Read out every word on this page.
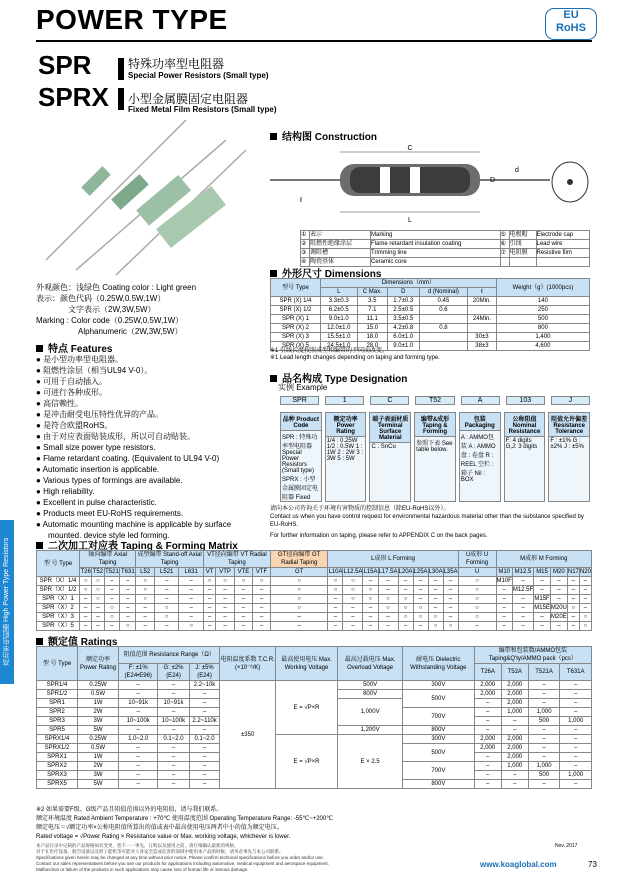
POWER TYPE	EU
RoHS
SPR	特殊功率型电阻器
Special Power Resistors (Small type)
SPRX 小型金属膜固定电阻器
Fixed Metal Film Resistors (Small type)
高功率电阻器 High Power Type Resistors
结构图 Construction
C
L
ℓ
d
D
①	表示	Marking	⑤	电极帽	Electrode cap
②	阻燃性绝缘涂层	Flame retardant insulation coating	⑥	引线	Lead wire
③	调阻槽	Trimming line	⑦	电阻膜	Resistive film
④	陶瓷基体	Ceramic core			
外观颜色：浅绿色 Coating color : Light green
表示：颜色代码（0.25W,0.5W,1W）
文字表示（2W,3W,5W）
Marking : Color code（0.25W,0.5W,1W）
Alphanumeric（2W,3W,5W）
特点 Features
● 是小型功率型电阻器。
● 阻燃性涂层（相当UL94 V-0）。
● 可用于自动插入。
● 可进行各种成形。
● 高信赖性。
● 是冲击耐受电压特性优异的产品。
● 是符合欧盟RoHS。
● 由于对应表面贴装成形，所以可自动贴装。
● Small size power type resistors.
● Flame retardant coating. (Equivalent to UL94 V-0)
● Automatic insertion is applicable.
● Various types of formings are available.
● High reliability.
● Excellent in pulse characteristic.
● Products meet EU-RoHS requirements.
● Automatic mounting machine is applicable by surface
mounted. device style led forming.
外形尺寸 Dimensions
型号 Type	Dimensions（mm）					Weight（g）(1000pcs)
	L	C Max.	D	d (Nominal)	ℓ	
SPR (X) 1/4	3.3±0.3	3.5	1.7±0.3	0.45	20Min.	140
SPR (X) 1/2	6.2±0.5	7.1	2.5±0.5	0.6		250
SPR (X) 1	9.0±1.0	11.1	3.5±0.5		24Min.	500
SPR (X) 2	12.0±1.0	15.0	4.2±0.8	0.8		800
SPR (X) 3	15.5±1.0	18.0	6.0±1.0		30±3	1,400
SPR (X) 5	24.5±1.0	28.0	9.0±1.0		38±3	4,600
※1 引线长度按照成型和编带的不同而改变。
※1 Lead length changes depending on taping and forming type.
品名构成 Type Designation
实例 Example
SPR	1	C	T52	A	103	J
品种 Product Code
SPR : 特殊功率型电阻器 Special Power Resistors (Small type) SPRX : 小型金属膜固定电阻器 Fixed
额定功率 Power Rating
1/4 : 0.25W 1/2 : 0.5W 1 : 1W 2 : 2W 3 : 3W 5 : 5W
端子表面材质 Terminal Surface Material
C : SnCu
编带&成形 Taping & Forming
参照下表 See table below.
包装 Packaging
A : AMMO包装 A : AMMO 盘 : 卷盘 R : REEL 空栏 : 箱子 Nil : BOX
公称阻值 Nominal Resistance
F: 4 digits G,J: 3 digits
阻值允许偏差 Resistance Tolerance
F : ±1% G : ±2% J : ±5%
请向本公司咨询关于环境有害物质的控制信息（除EU-RoHS以外）。
Contact us when you have control request for environmental hazardous material other than the substance specified by EU-RoHS.
For further information on taping, please refer to APPENDIX C on the back pages.
二次加工对应表 Taping & Forming Matrix
型 号 Type	轴向编带 Axial Taping				成型编带 Stand-off Axial Taping			VT径向编带 VT Radial Taping				GT径向编带 GT Radial Taping	L成形 L Forming								U成形 U Forming	M成形 M Forming					
	T26	T52	T521	T631	L52	L521	L631	VT	VTP	VTE	VTF	GT	L10A	L12.5A	L15A	L17.5A	L20A	L25A	L30A	L35A	U	M10	M12.5	M15	M20	N17	N20
SPR（X）1/4	○	○	–	–	○	–	–	○	○	○	○	○	○	○	–	–	–	–	–	–	○	M10F	–	–	–	–	–
SPR（X）1/2	○	○	–	–	○	–	–	–	–	–	–	○	○	○	○	–	–	–	–	–	○	–	M12.5F	–	–	–	–
SPR（X）1	–	○	–	–	○	–	–	–	–	–	–	○	–	○	○	○	○	–	–	–	○	–	–	M15F	–	–	–
SPR（X）2	–	–	○	–	–	○	–	–	–	–	–	○	–	–	–	○	○	○	–	–	○	–	–	M15E	M20U	○	–
SPR（X）3	–	–	○	–	–	○	–	–	–	–	–	–	–	–	–	–	○	○	○	–	○	–	–	–	M20E	–	○
SPR（X）5	–	–	–	○	–	–	○	–	–	–	–	–	–	–	–	–	–	–	○	○	–	–	–	–	–	–	○
额定值 Ratings
型 号 Type	额定功率 Power Rating	阻值范围 Resistance Range（Ω）			电阻温度系数 T.C.R.(×10⁻⁶/K)	最高使用电压 Max. Working Voltage	最高过载电压 Max. Overload Voltage	耐电压 Dielectric Withstanding Voltage	编带和包装数/AMMO包装 Taping&Q'ty/AMMO pack（pcs）			
		F: ±1% (E24•E96)	G: ±2% (E24)	J: ±5% (E24)					T26A	T52A	T521A	T631A
SPR1/4	0.25W	–	–	2.2~10k	±350	E = √P×R	500V	300V	2,000	2,000	–	–
SPR1/2	0.5W	–	–	–			800V	500V	2,000	2,000	–	–
SPR1	1W	10~91k	10~91k	–			1,000V		–	2,000	–	–
SPR2	2W	–	–	–				700V	–	1,000	1,000	–
SPR3	3W	10~100k	10~100k	2.2~110k					–	–	500	1,000
SPR5	5W	–	–	–			1,200V	800V	–	–	–	–
SPRX1/4	0.25W	1.0~2.0	0.1~2.0	0.1~2.0		E = √P×R	E × 2.5	300V	2,000	2,000	–	–
SPRX1/2	0.5W	–	–	–				500V	2,000	2,000	–	–
SPRX1	1W	–	–	–					–	2,000	–	–
SPRX2	2W	–	–	–				700V	–	1,000	1,000	–
SPRX3	3W	–	–	–					–	–	500	1,000
SPRX5	5W	–	–	–				800V	–	–	–	–
※2 如果需要F级、G级产品且阻值范围以外的电阻值，请与我们联系。
额定环境温度 Rated Ambient Temperature : +70℃ 使用温度范围 Operating Temperature Range: -55℃~+200℃
额定电压＝√额定功率×公称电阻值所算出的值或表中最高使用电压两者中小的值为额定电压。
Rated voltage = √Power Rating × Resistance value or Max. working voltage, whichever is lower.
本产品目录中记载的产品规格如有变更，恕不一一事先，订购以及使用之前，请仔细确认最新的规格。
对于在医疗设备、航空设备以及原子能机等可能对人身安全造成危害的领域中使用本产品的时候，请务必事先与本公司联系。
Specifications given herein may be changed at any time without prior notice. Please confirm technical specifications before you order and/or use.
Contact our sales representatives before you use our products for applications including automotive, medical equipment and aerospace equipment.
Malfunction or failure of the products in such applications may cause loss of human life or serious damage.
Nov. 2017
73
www.koaglobal.com
